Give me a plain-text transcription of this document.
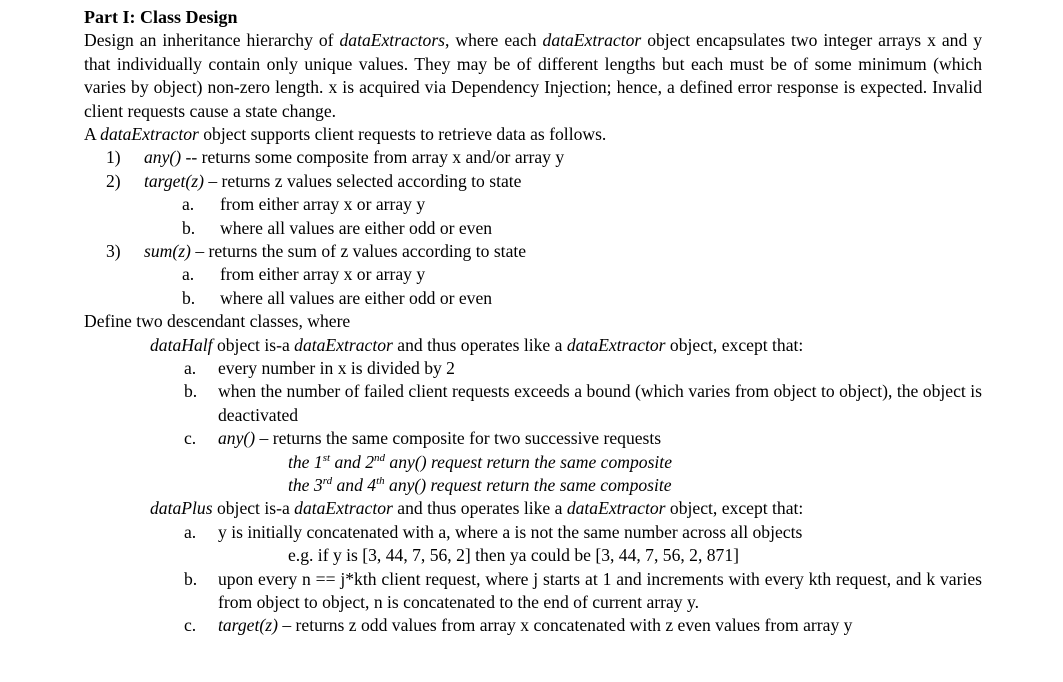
Part I: Class Design
Design an inheritance hierarchy of dataExtractors, where each dataExtractor object encapsulates two integer arrays x and y that individually contain only unique values. They may be of different lengths but each must be of some minimum (which varies by object) non-zero length. x is acquired via Dependency Injection; hence, a defined error response is expected. Invalid client requests cause a state change.
A dataExtractor object supports client requests to retrieve data as follows.
1) any() -- returns some composite from array x and/or array y
2) target(z) – returns z values selected according to state
a. from either array x or array y
b. where all values are either odd or even
3) sum(z) – returns the sum of z values according to state
a. from either array x or array y
b. where all values are either odd or even
Define two descendant classes, where
dataHalf object is-a dataExtractor and thus operates like a dataExtractor object, except that:
a. every number in x is divided by 2
b. when the number of failed client requests exceeds a bound (which varies from object to object), the object is deactivated
c. any() – returns the same composite for two successive requests
the 1st and 2nd any() request return the same composite
the 3rd and 4th any() request return the same composite
dataPlus object is-a dataExtractor and thus operates like a dataExtractor object, except that:
a. y is initially concatenated with a, where a is not the same number across all objects
e.g. if y is [3, 44, 7, 56, 2] then ya could be [3, 44, 7, 56, 2, 871]
b. upon every n == j*kth client request, where j starts at 1 and increments with every kth request, and k varies from object to object, n is concatenated to the end of current array y.
c. target(z) – returns z odd values from array x concatenated with z even values from array y
